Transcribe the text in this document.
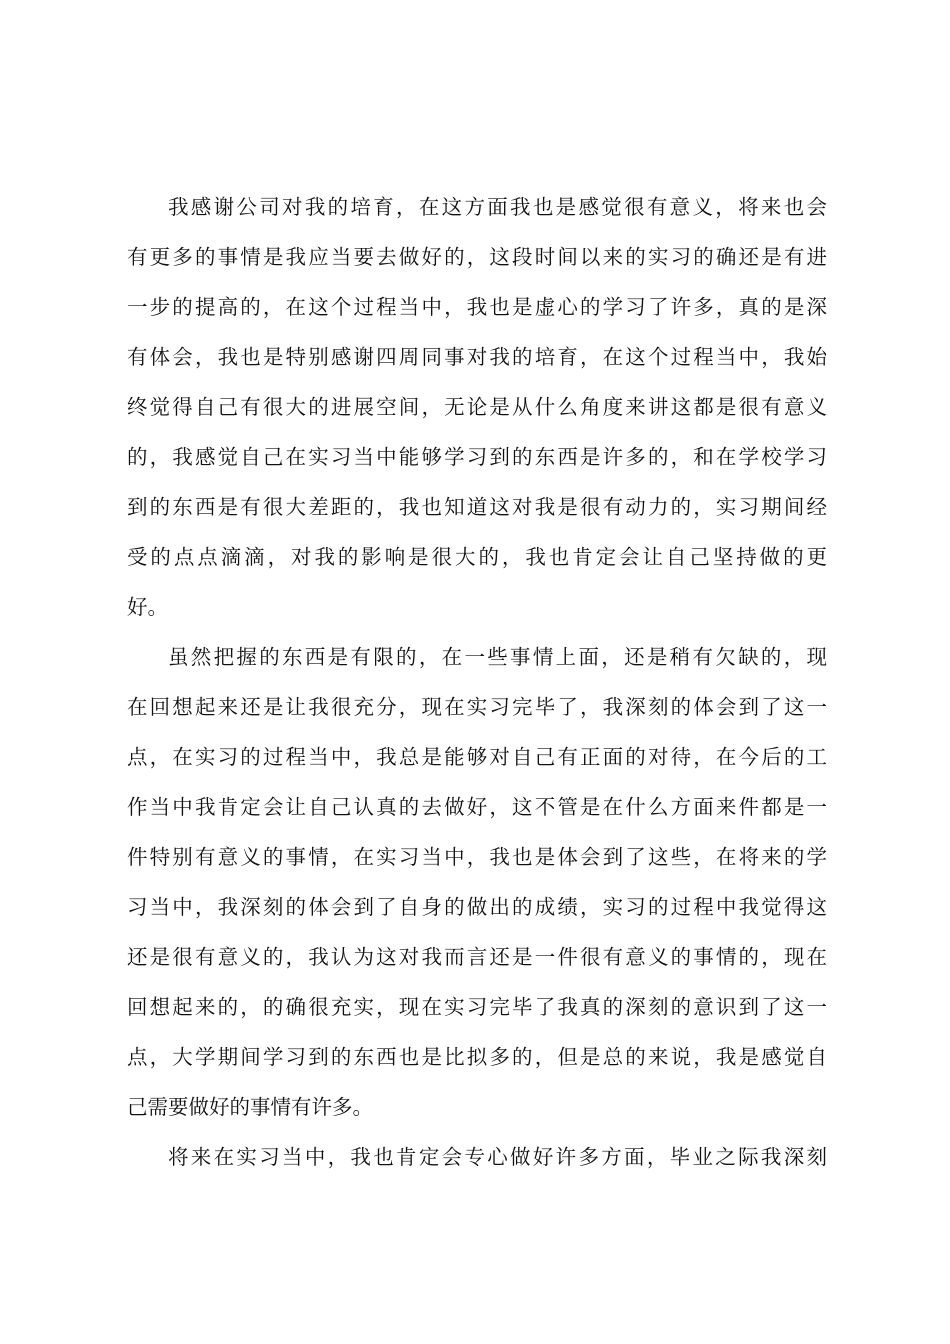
我感谢公司对我的培育，在这方面我也是感觉很有意义，将来也会
有更多的事情是我应当要去做好的，这段时间以来的实习的确还是有进
一步的提高的，在这个过程当中，我也是虚心的学习了许多，真的是深
有体会，我也是特别感谢四周同事对我的培育，在这个过程当中，我始
终觉得自己有很大的进展空间，无论是从什么角度来讲这都是很有意义
的，我感觉自己在实习当中能够学习到的东西是许多的，和在学校学习
到的东西是有很大差距的，我也知道这对我是很有动力的，实习期间经
受的点点滴滴，对我的影响是很大的，我也肯定会让自己坚持做的更
好。
虽然把握的东西是有限的，在一些事情上面，还是稍有欠缺的，现
在回想起来还是让我很充分，现在实习完毕了，我深刻的体会到了这一
点，在实习的过程当中，我总是能够对自己有正面的对待，在今后的工
作当中我肯定会让自己认真的去做好，这不管是在什么方面来件都是一
件特别有意义的事情，在实习当中，我也是体会到了这些，在将来的学
习当中，我深刻的体会到了自身的做出的成绩，实习的过程中我觉得这
还是很有意义的，我认为这对我而言还是一件很有意义的事情的，现在
回想起来的，的确很充实，现在实习完毕了我真的深刻的意识到了这一
点，大学期间学习到的东西也是比拟多的，但是总的来说，我是感觉自
己需要做好的事情有许多。
将来在实习当中，我也肯定会专心做好许多方面，毕业之际我深刻
